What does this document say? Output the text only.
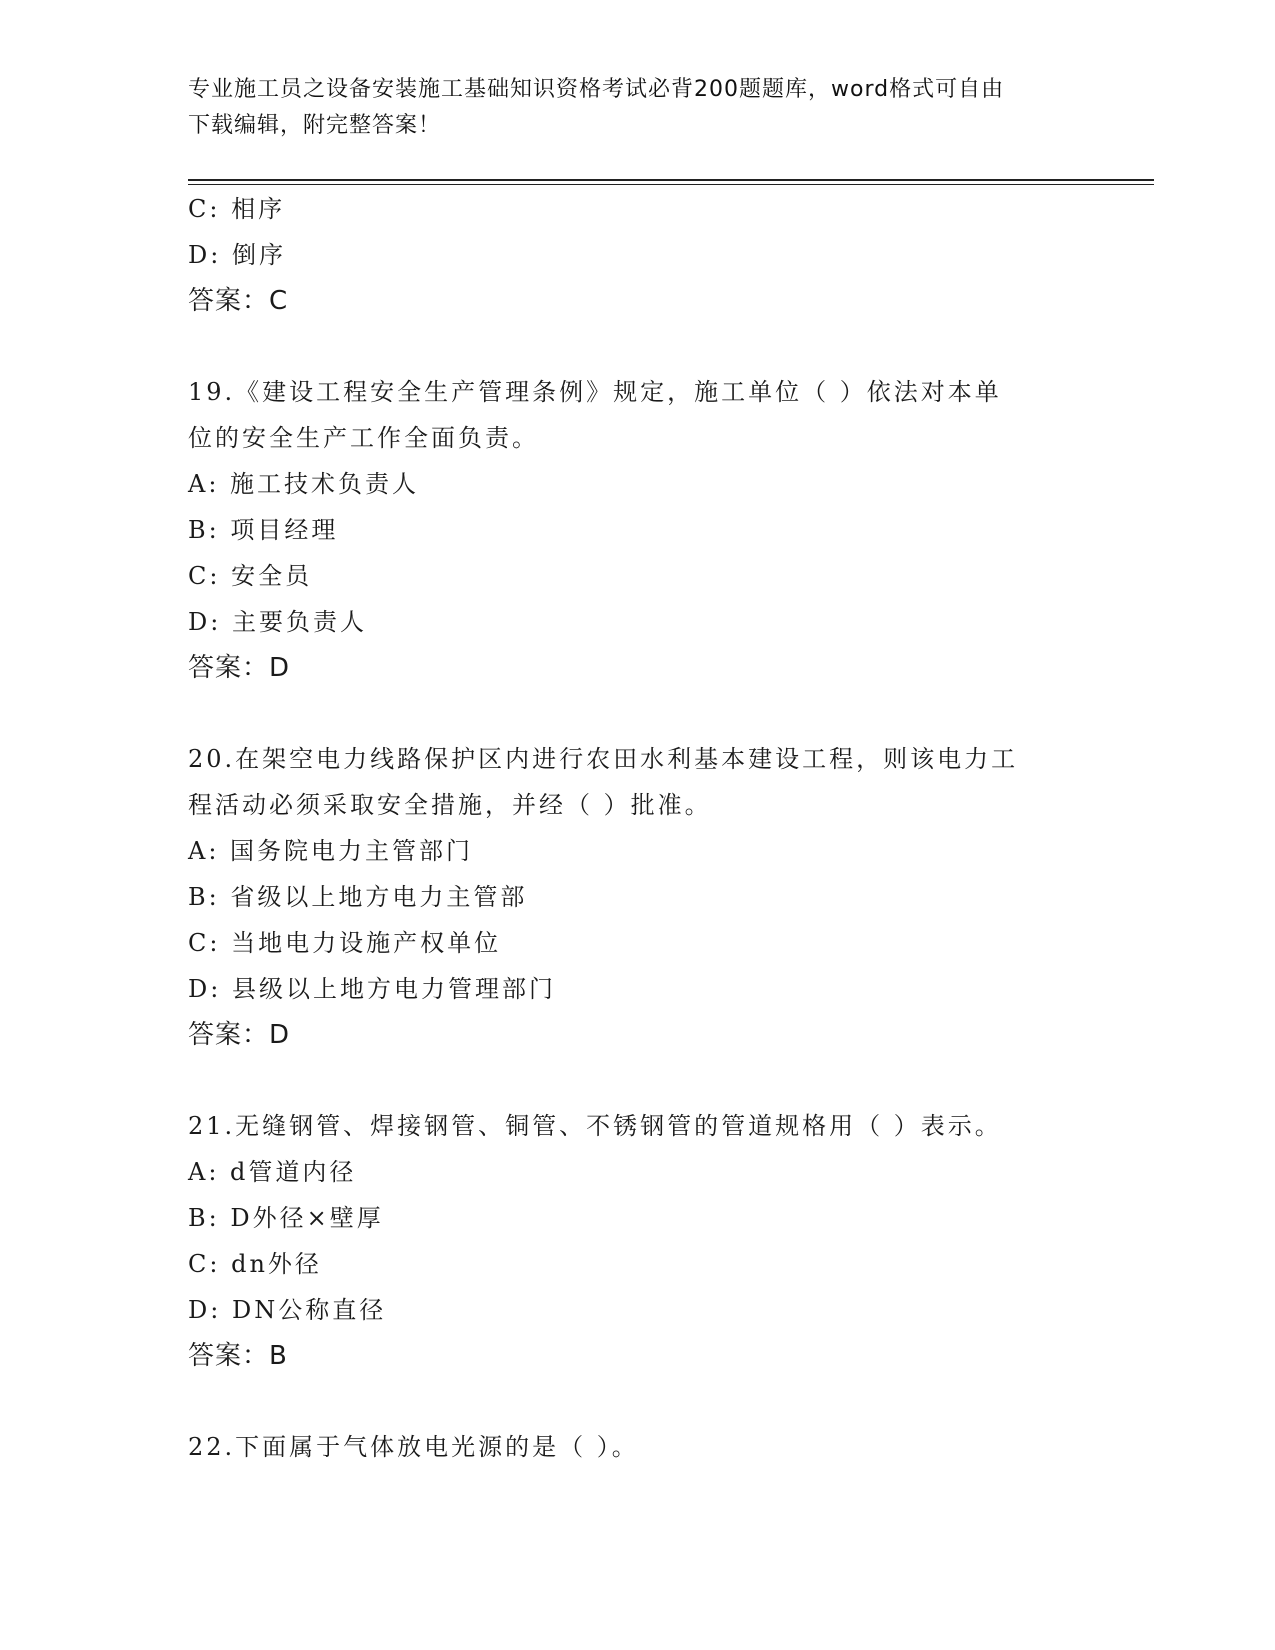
专业施工员之设备安装施工基础知识资格考试必背200题题库，word格式可自由
下载编辑，附完整答案！
C: 相序
D: 倒序
答案：C
19.《建设工程安全生产管理条例》规定，施工单位（ ）依法对本单
位的安全生产工作全面负责。
A: 施工技术负责人
B: 项目经理
C: 安全员
D: 主要负责人
答案：D
20.在架空电力线路保护区内进行农田水利基本建设工程，则该电力工
程活动必须采取安全措施，并经（ ）批准。
A: 国务院电力主管部门
B: 省级以上地方电力主管部
C: 当地电力设施产权单位
D: 县级以上地方电力管理部门
答案：D
21.无缝钢管、焊接钢管、铜管、不锈钢管的管道规格用（ ）表示。
A: d管道内径
B: D外径×壁厚
C: dn外径
D: DN公称直径
答案：B
22.下面属于气体放电光源的是（ ）。
